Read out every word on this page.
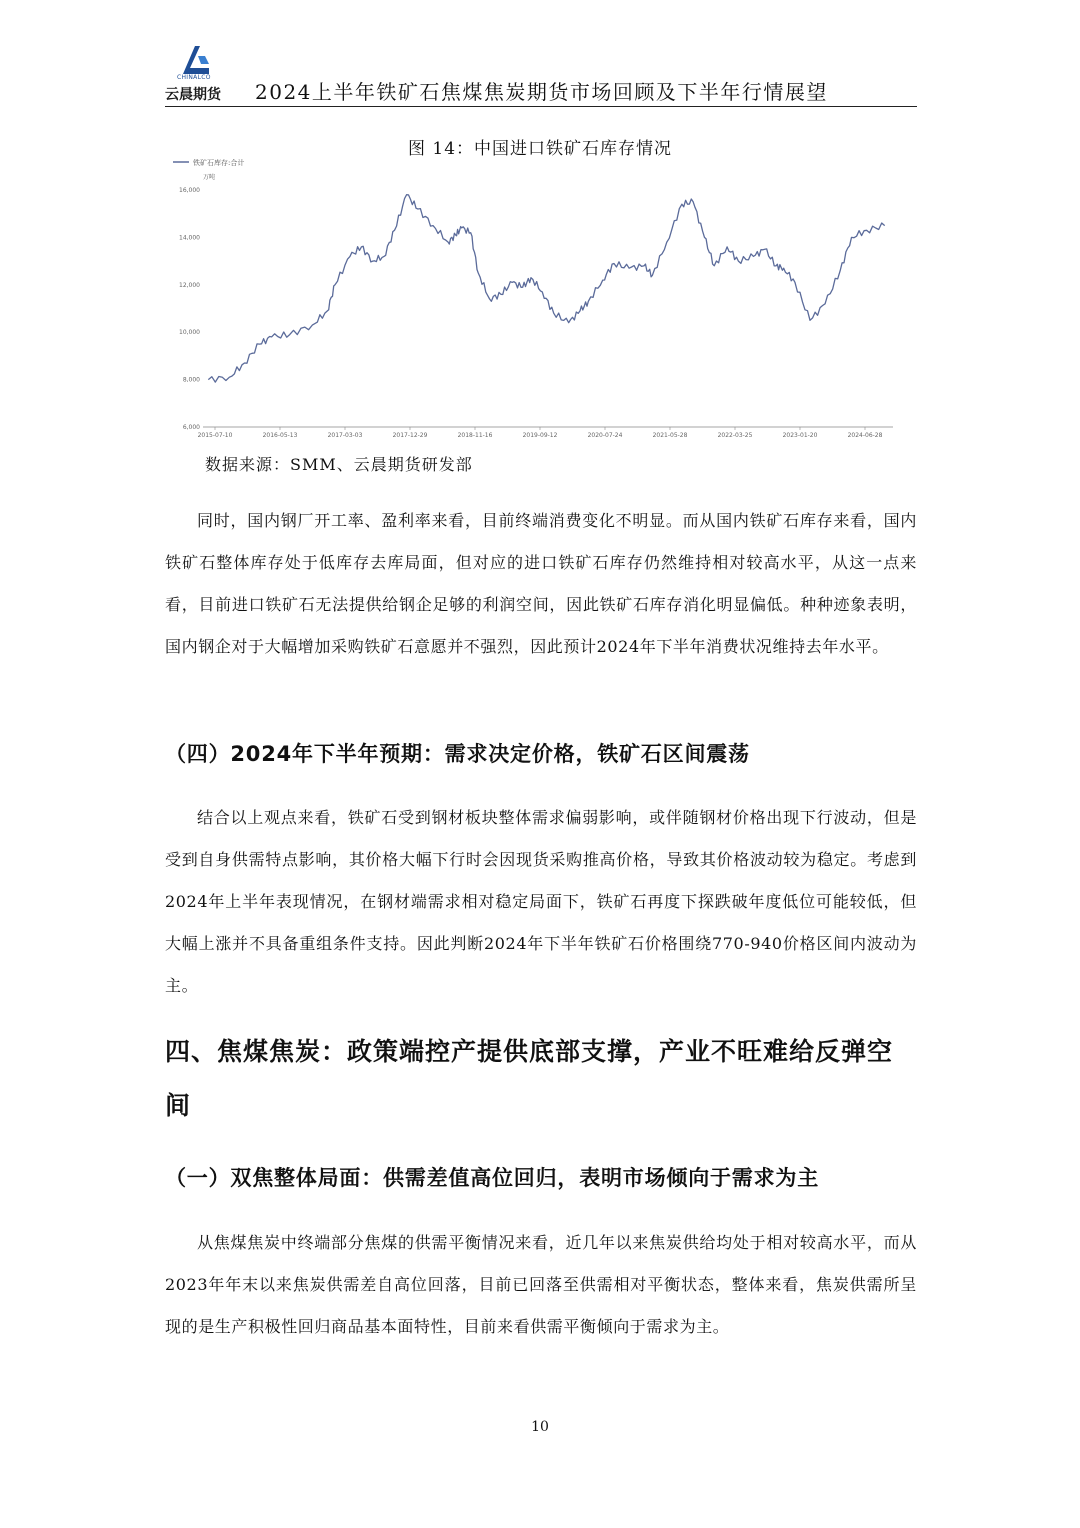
CHINALCO
云晨期货 2024上半年铁矿石焦煤焦炭期货市场回顾及下半年行情展望
图 14：中国进口铁矿石库存情况
铁矿石库存:合计
万吨
6,000
8,000
10,000
12,000
14,000
16,000
2015-07-10	2016-05-13	2017-03-03	2017-12-29	2018-11-16	2019-09-12	2020-07-24	2021-05-28	2022-03-25	2023-01-20	2024-06-28
数据来源：SMM、云晨期货研发部

同时，国内钢厂开工率、盈利率来看，目前终端消费变化不明显。而从国内铁矿石库存来看，国内铁矿石整体库存处于低库存去库局面，但对应的进口铁矿石库存仍然维持相对较高水平，从这一点来看，目前进口铁矿石无法提供给钢企足够的利润空间，因此铁矿石库存消化明显偏低。种种迹象表明，国内钢企对于大幅增加采购铁矿石意愿并不强烈，因此预计2024年下半年消费状况维持去年水平。

（四）2024年下半年预期：需求决定价格，铁矿石区间震荡

结合以上观点来看，铁矿石受到钢材板块整体需求偏弱影响，或伴随钢材价格出现下行波动，但是受到自身供需特点影响，其价格大幅下行时会因现货采购推高价格，导致其价格波动较为稳定。考虑到2024年上半年表现情况，在钢材端需求相对稳定局面下，铁矿石再度下探跌破年度低位可能较低，但大幅上涨并不具备重组条件支持。因此判断2024年下半年铁矿石价格围绕770-940价格区间内波动为主。

四、焦煤焦炭：政策端控产提供底部支撑，产业不旺难给反弹空间
（一）双焦整体局面：供需差值高位回归，表明市场倾向于需求为主

从焦煤焦炭中终端部分焦煤的供需平衡情况来看，近几年以来焦炭供给均处于相对较高水平，而从2023年年末以来焦炭供需差自高位回落，目前已回落至供需相对平衡状态，整体来看，焦炭供需所呈现的是生产积极性回归商品基本面特性，目前来看供需平衡倾向于需求为主。

10
